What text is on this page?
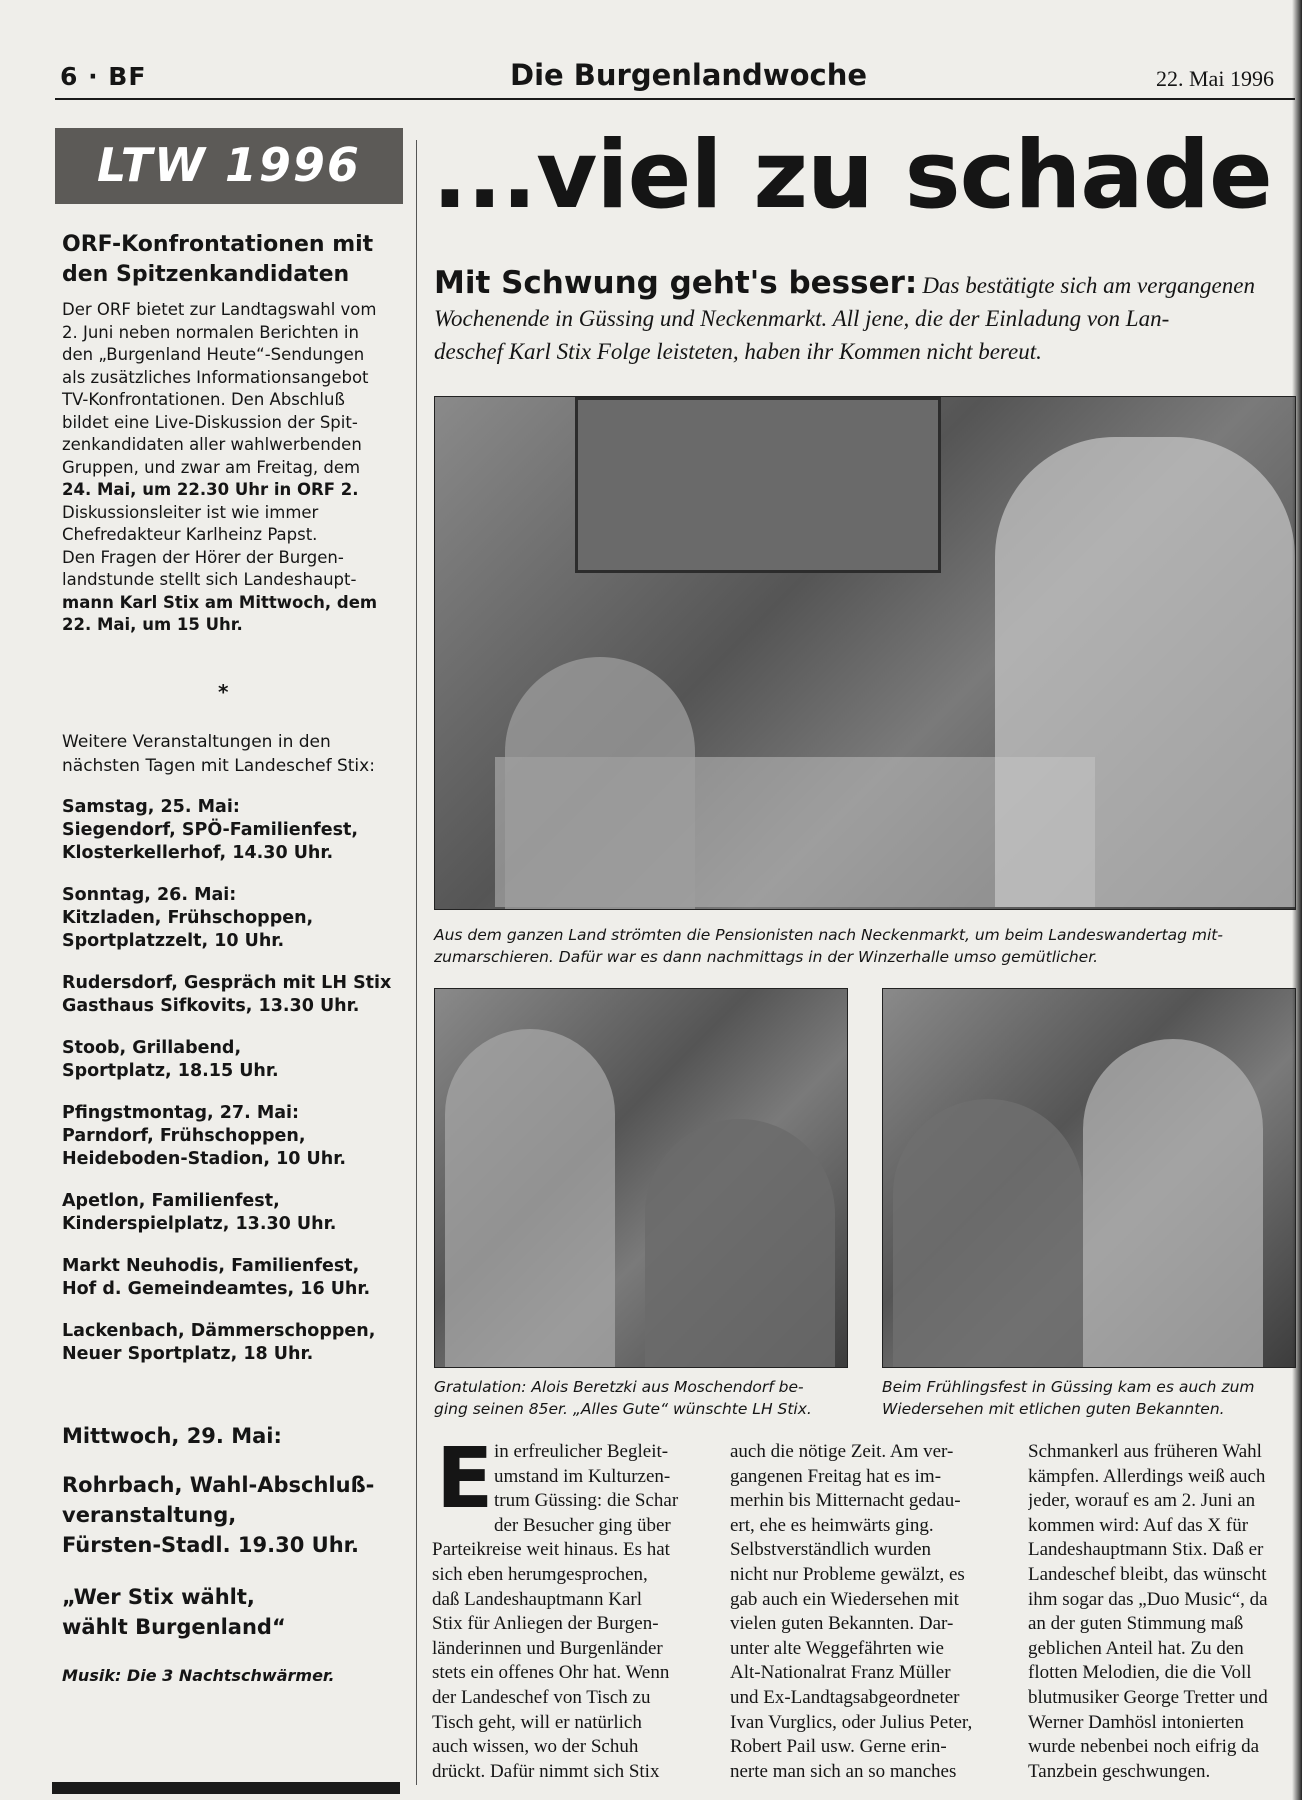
6 · BF	Die Burgenlandwoche	22. Mai 1996
LTW 1996
ORF-Konfrontationen mit den Spitzenkandidaten
Der ORF bietet zur Landtagswahl vom
2. Juni neben normalen Berichten in
den „Burgenland Heute“-Sendungen
als zusätzliches Informationsangebot
TV-Konfrontationen. Den Abschluß
bildet eine Live-Diskussion der Spit-
zenkandidaten aller wahlwerbenden
Gruppen, und zwar am Freitag, dem
24. Mai, um 22.30 Uhr in ORF 2.
Diskussionsleiter ist wie immer
Chefredakteur Karlheinz Papst.
Den Fragen der Hörer der Burgen-
landstunde stellt sich Landeshaupt-
mann Karl Stix am Mittwoch, dem
22. Mai, um 15 Uhr.
*
Weitere Veranstaltungen in den nächsten Tagen mit Landeschef Stix:
Samstag, 25. Mai:
Siegendorf, SPÖ-Familienfest,
Klosterkellerhof, 14.30 Uhr.
Sonntag, 26. Mai:
Kitzladen, Frühschoppen,
Sportplatzzelt, 10 Uhr.
Rudersdorf, Gespräch mit LH Stix
Gasthaus Sifkovits, 13.30 Uhr.
Stoob, Grillabend,
Sportplatz, 18.15 Uhr.
Pfingstmontag, 27. Mai:
Parndorf, Frühschoppen,
Heideboden-Stadion, 10 Uhr.
Apetlon, Familienfest,
Kinderspielplatz, 13.30 Uhr.
Markt Neuhodis, Familienfest,
Hof d. Gemeindeamtes, 16 Uhr.
Lackenbach, Dämmerschoppen,
Neuer Sportplatz, 18 Uhr.
Mittwoch, 29. Mai:
Rohrbach, Wahl-Abschluß-
veranstaltung,
Fürsten-Stadl. 19.30 Uhr.
„Wer Stix wählt,
wählt Burgenland“
Musik: Die 3 Nachtschwärmer.
...viel zu schade
Mit Schwung geht's besser: Das bestätigte sich am vergangenen
Wochenende in Güssing und Neckenmarkt. All jene, die der Einladung von Lan-
deschef Karl Stix Folge leisteten, haben ihr Kommen nicht bereut.
Aus dem ganzen Land strömten die Pensionisten nach Neckenmarkt, um beim Landeswandertag mit-
zumarschieren. Dafür war es dann nachmittags in der Winzerhalle umso gemütlicher.
Gratulation: Alois Beretzki aus Moschendorf be-
ging seinen 85er. „Alles Gute“ wünschte LH Stix.
Beim Frühlingsfest in Güssing kam es auch zum
Wiedersehen mit etlichen guten Bekannten.
E in erfreulicher Begleit-
umstand im Kulturzen-
trum Güssing: die Schar
der Besucher ging über
Parteikreise weit hinaus. Es hat
sich eben herumgesprochen,
daß Landeshauptmann Karl
Stix für Anliegen der Burgen-
länderinnen und Burgenländer
stets ein offenes Ohr hat. Wenn
der Landeschef von Tisch zu
Tisch geht, will er natürlich
auch wissen, wo der Schuh
drückt. Dafür nimmt sich Stix
auch die nötige Zeit. Am ver-
gangenen Freitag hat es im-
merhin bis Mitternacht gedau-
ert, ehe es heimwärts ging.
Selbstverständlich wurden
nicht nur Probleme gewälzt, es
gab auch ein Wiedersehen mit
vielen guten Bekannten. Dar-
unter alte Weggefährten wie
Alt-Nationalrat Franz Müller
und Ex-Landtagsabgeordneter
Ivan Vurglics, oder Julius Peter,
Robert Pail usw. Gerne erin-
nerte man sich an so manches
Schmankerl aus früheren Wahl
kämpfen. Allerdings weiß auch
jeder, worauf es am 2. Juni an
kommen wird: Auf das X für
Landeshauptmann Stix. Daß er
Landeschef bleibt, das wünscht
ihm sogar das „Duo Music“, da
an der guten Stimmung maß
geblichen Anteil hat. Zu den
flotten Melodien, die die Voll
blutmusiker George Tretter und
Werner Damhösl intonierten
wurde nebenbei noch eifrig da
Tanzbein geschwungen.
